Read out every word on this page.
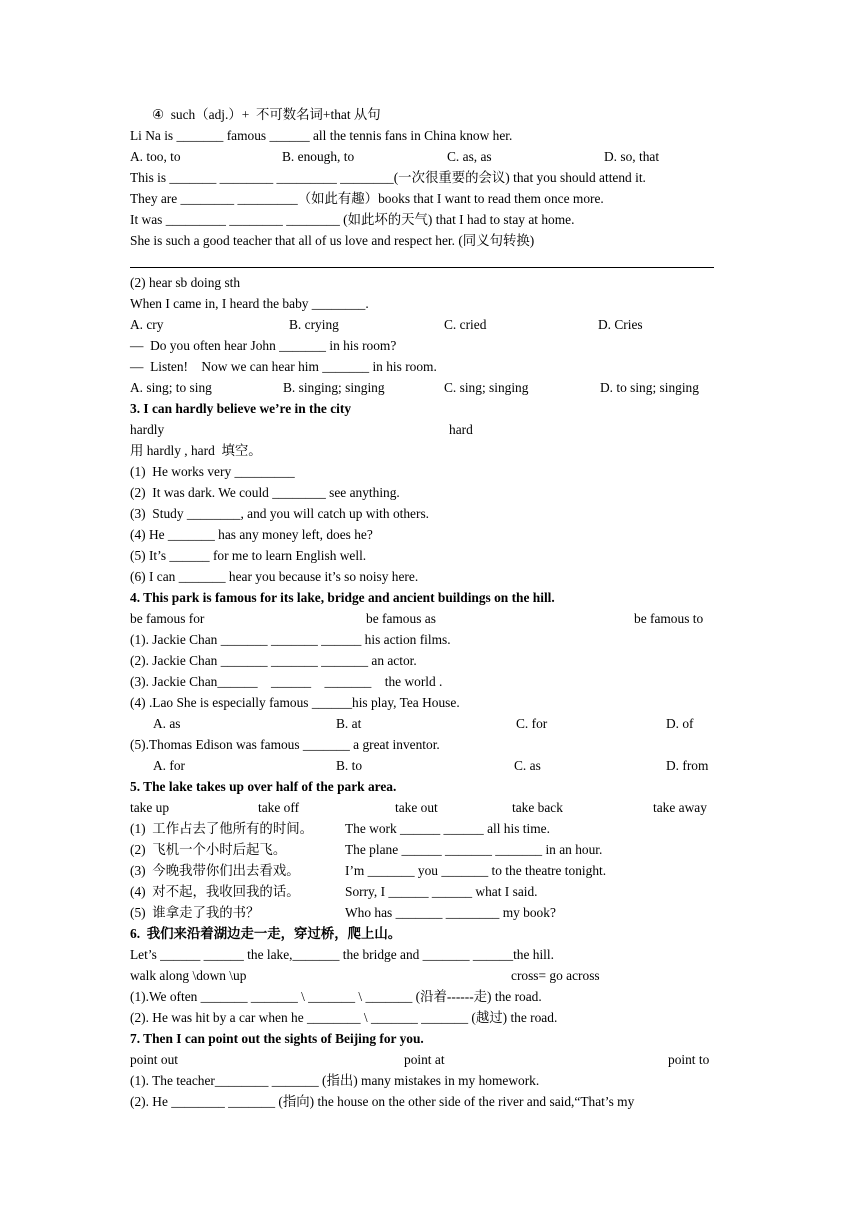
④  such（adj.）+  不可数名词+that 从句
Li Na is _______ famous ______ all the tennis fans in China know her.

A. too, to

	B. enough, to

	C. as, as

	D. so, that

This is _______ ________ _________ ________(一次很重要的会议) that you should attend it.
They are ________ _________（如此有趣）books that I want to read them once more.
It was _________ ________ ________ (如此坏的天气) that I had to stay at home.
She is such a good teacher that all of us love and respect her. (同义句转换)
(2) hear sb doing sth
When I came in, I heard the baby ________.

A. cry

	B. crying

	C. cried

	D. Cries

—  Do you often hear John _______ in his room?
—  Listen!    Now we can hear him _______ in his room.

A. sing; to sing

	B. singing; singing

	C. sing; singing

	D. to sing; singing

3. I can hardly believe we’re in the city

hardly

	hard

用 hardly , hard  填空。
(1)  He works very _________
(2)  It was dark. We could ________ see anything.
(3)  Study ________, and you will catch up with others.
(4) He _______ has any money left, does he?
(5) It’s ______ for me to learn English well.
(6) I can _______ hear you because it’s so noisy here.
4. This park is famous for its lake, bridge and ancient buildings on the hill.

be famous for

	be famous as

	be famous to

(1). Jackie Chan _______ _______ ______ his action films.
(2). Jackie Chan _______ _______ _______ an actor.
(3). Jackie Chan______    ______    _______    the world .
(4) .Lao She is especially famous ______his play, Tea House.

A. as

	B. at

	C. for

	D. of

(5).Thomas Edison was famous _______ a great inventor.

A. for

	B. to

	C. as

	D. from

5. The lake takes up over half of the park area.

take up

	take off

	take out

	take back

	take away

(1)  工作占去了他所有的时间。

The work ______ ______ all his time.

(2)  飞机一个小时后起飞。

	The plane ______ _______ _______ in an hour.

(3)  今晚我带你们出去看戏。

	I’m _______ you _______ to the theatre tonight.

(4)  对不起，我收回我的话。

	Sorry, I ______ ______ what I said.

(5)  谁拿走了我的书？

	Who has _______ ________ my book?

6.  我们来沿着湖边走一走，穿过桥，爬上山。
Let’s ______ ______ the lake,_______ the bridge and _______ ______the hill.

walk along \down \up

	cross= go across

(1).We often _______ _______ \ _______ \ _______ (沿着------走) the road.
(2). He was hit by a car when he ________ \ _______ _______ (越过) the road.
7. Then I can point out the sights of Beijing for you.

point out

	point at

	point to

(1). The teacher________ _______ (指出) many mistakes in my homework.
(2). He ________ _______ (指向) the house on the other side of the river and said,“That’s my
